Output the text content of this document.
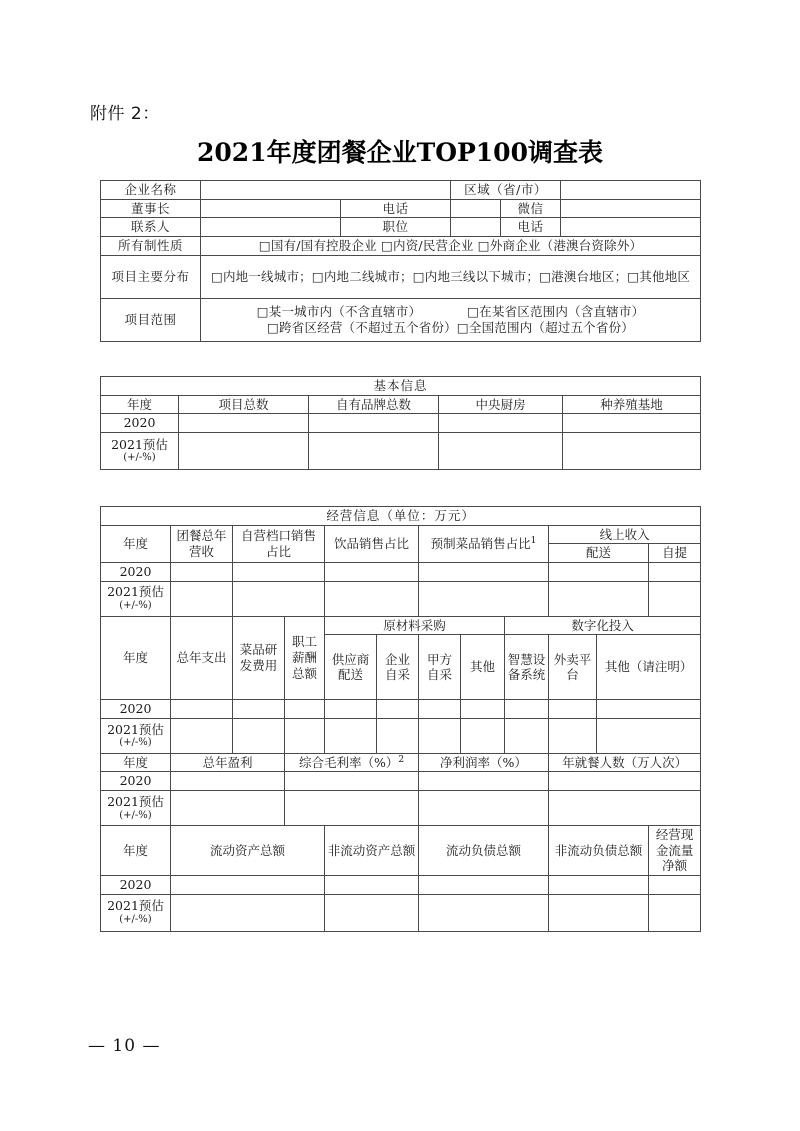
附件 2：
2021年度团餐企业TOP100调查表
企业名称			区域（省/市）		
董事长		电话		微信	
联系人		职位		电话	
所有制性质	□国有/国有控股企业 □内资/民营企业 □外商企业（港澳台资除外）				
项目主要分布	□内地一线城市；□内地二线城市；□内地三线以下城市；□港澳台地区；□其他地区				
项目范围	□某一城市内（不含直辖市） □在某省区范围内（含直辖市）
□跨省区经营（不超过五个省份）□全国范围内（超过五个省份）				
基本信息				
年度	项目总数	自有品牌总数	中央厨房	种养殖基地
2020				
2021预估
(+/-%)				

经营信息（单位：万元）											
年度	团餐总年营收	自营档口销售占比		饮品销售占比		预制菜品销售占比$^1$			线上收入		
									配送		自提
2020											
2021预估
(+/-%)											

年度	总年支出	菜品研发费用	职工薪酬总额	原材料采购				数字化投入			
				供应商配送	企业自采	甲方自采	其他	智慧设备系统	外卖平台	其他（请注明）	
2020											
2021预估
(+/-%)											

年度	总年盈利		综合毛利率（%）$^2$			净利润率（%）			年就餐人数（万人次）		
2020											
2021预估
(+/-%)											

年度	流动资产总额			非流动资产总额		流动负债总额			非流动负债总额		经营现金流量净额
2020											
2021预估
(+/-%)											

— 10 —
